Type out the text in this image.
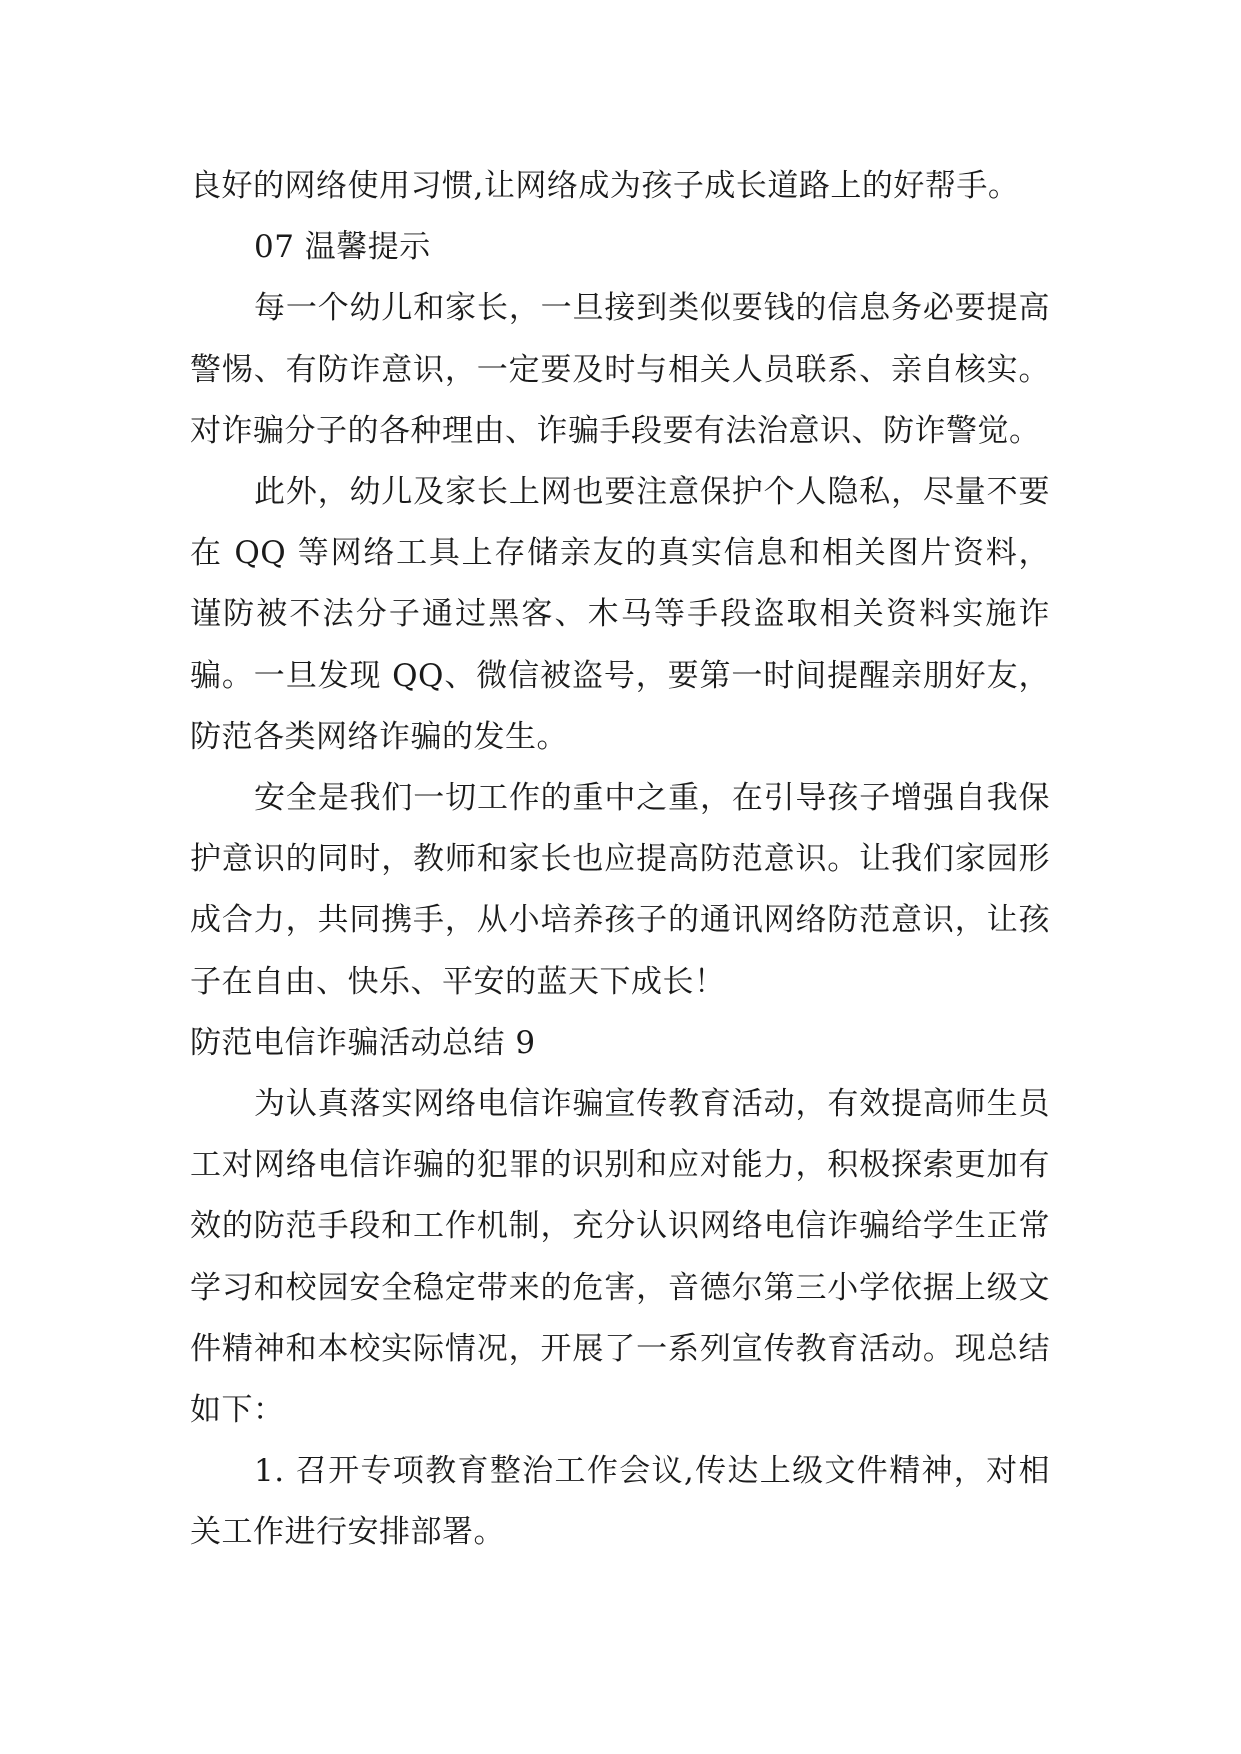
良好的网络使用习惯,让网络成为孩子成长道路上的好帮手。

07 温馨提示

每一个幼儿和家长，一旦接到类似要钱的信息务必要提高警惕、有防诈意识，一定要及时与相关人员联系、亲自核实。对诈骗分子的各种理由、诈骗手段要有法治意识、防诈警觉。

此外，幼儿及家长上网也要注意保护个人隐私，尽量不要在 QQ 等网络工具上存储亲友的真实信息和相关图片资料，谨防被不法分子通过黑客、木马等手段盗取相关资料实施诈骗。一旦发现 QQ、微信被盗号，要第一时间提醒亲朋好友，防范各类网络诈骗的发生。

安全是我们一切工作的重中之重，在引导孩子增强自我保护意识的同时，教师和家长也应提高防范意识。让我们家园形成合力，共同携手，从小培养孩子的通讯网络防范意识，让孩子在自由、快乐、平安的蓝天下成长！

防范电信诈骗活动总结 9

为认真落实网络电信诈骗宣传教育活动，有效提高师生员工对网络电信诈骗的犯罪的识别和应对能力，积极探索更加有效的防范手段和工作机制，充分认识网络电信诈骗给学生正常学习和校园安全稳定带来的危害，音德尔第三小学依据上级文件精神和本校实际情况，开展了一系列宣传教育活动。现总结如下：

1. 召开专项教育整治工作会议,传达上级文件精神，对相关工作进行安排部署。
